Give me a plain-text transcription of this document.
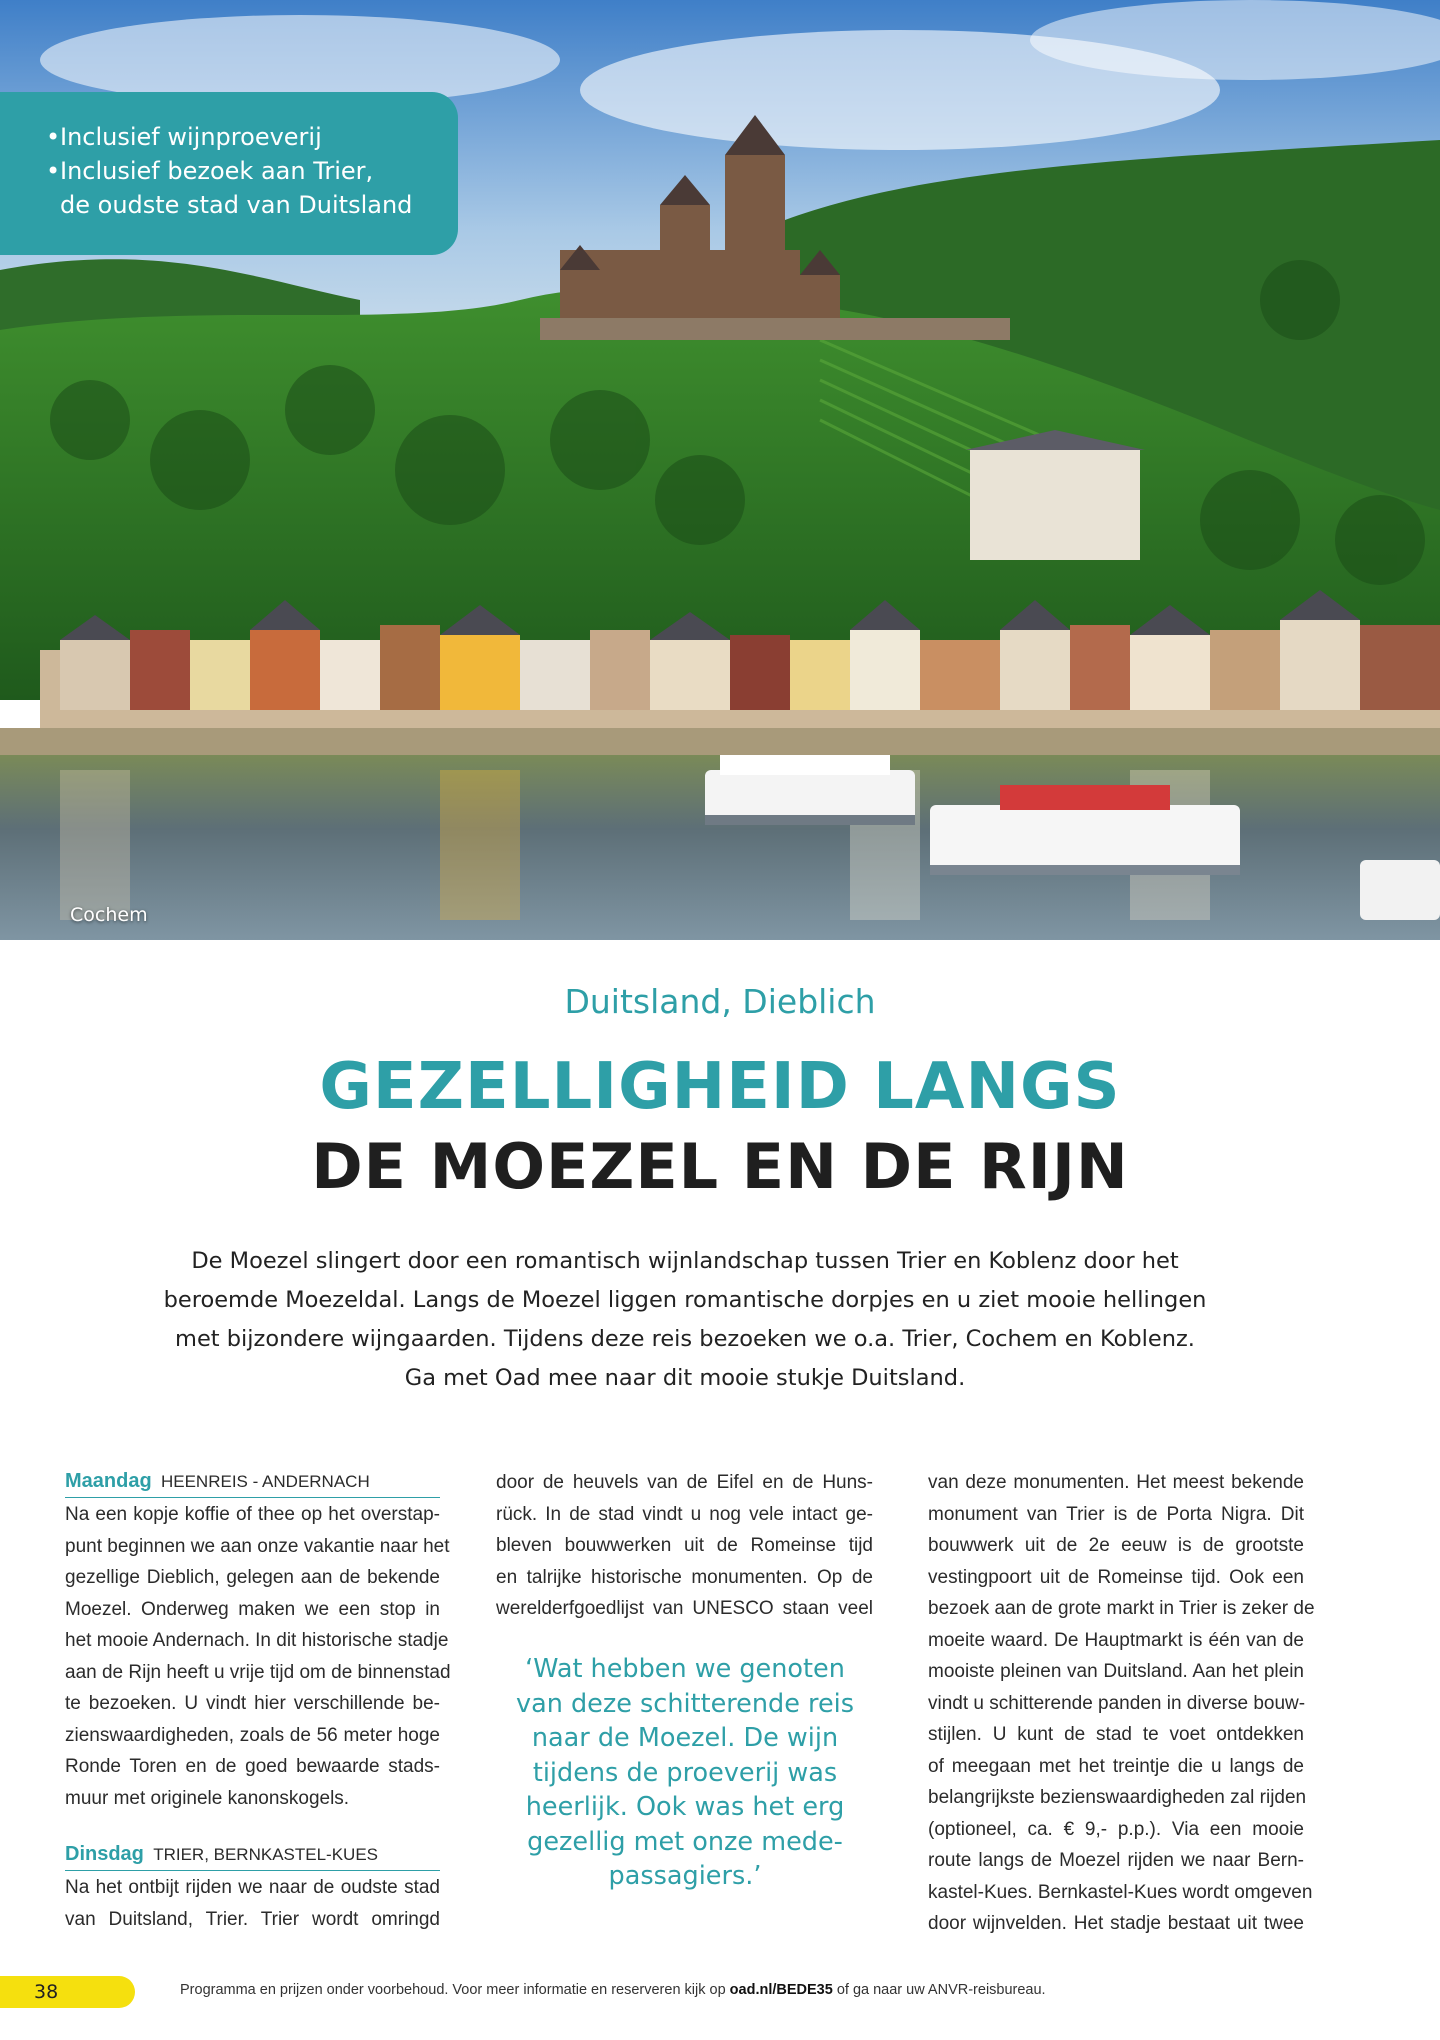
• Inclusief wijnproeverij
• Inclusief bezoek aan Trier,
de oudste stad van Duitsland
Cochem
Duitsland, Dieblich
GEZELLIGHEID LANGS
DE MOEZEL EN DE RIJN
De Moezel slingert door een romantisch wijnlandschap tussen Trier en Koblenz door het
beroemde Moezeldal. Langs de Moezel liggen romantische dorpjes en u ziet mooie hellingen
met bijzondere wijngaarden. Tijdens deze reis bezoeken we o.a. Trier, Cochem en Koblenz.
Ga met Oad mee naar dit mooie stukje Duitsland.
Maandag HEENREIS - ANDERNACH
Na een kopje koffie of thee op het overstap-
punt beginnen we aan onze vakantie naar het
gezellige Dieblich, gelegen aan de bekende
Moezel. Onderweg maken we een stop in
het mooie Andernach. In dit historische stadje
aan de Rijn heeft u vrije tijd om de binnenstad
te bezoeken. U vindt hier verschillende be-
zienswaardigheden, zoals de 56 meter hoge
Ronde Toren en de goed bewaarde stads-
muur met originele kanonskogels.
Dinsdag TRIER, BERNKASTEL-KUES
Na het ontbijt rijden we naar de oudste stad
van Duitsland, Trier. Trier wordt omringd
door de heuvels van de Eifel en de Huns-
rück. In de stad vindt u nog vele intact ge-
bleven bouwwerken uit de Romeinse tijd
en talrijke historische monumenten. Op de
werelderfgoedlijst van UNESCO staan veel
‘Wat hebben we genoten
van deze schitterende reis
naar de Moezel. De wijn
tijdens de proeverij was
heerlijk. Ook was het erg
gezellig met onze mede-
passagiers.’
van deze monumenten. Het meest bekende
monument van Trier is de Porta Nigra. Dit
bouwwerk uit de 2e eeuw is de grootste
vestingpoort uit de Romeinse tijd. Ook een
bezoek aan de grote markt in Trier is zeker de
moeite waard. De Hauptmarkt is één van de
mooiste pleinen van Duitsland. Aan het plein
vindt u schitterende panden in diverse bouw-
stijlen. U kunt de stad te voet ontdekken
of meegaan met het treintje die u langs de
belangrijkste bezienswaardigheden zal rijden
(optioneel, ca. € 9,- p.p.). Via een mooie
route langs de Moezel rijden we naar Bern-
kastel-Kues. Bernkastel-Kues wordt omgeven
door wijnvelden. Het stadje bestaat uit twee
38	Programma en prijzen onder voorbehoud. Voor meer informatie en reserveren kijk op oad.nl/BEDE35 of ga naar uw ANVR-reisbureau.
